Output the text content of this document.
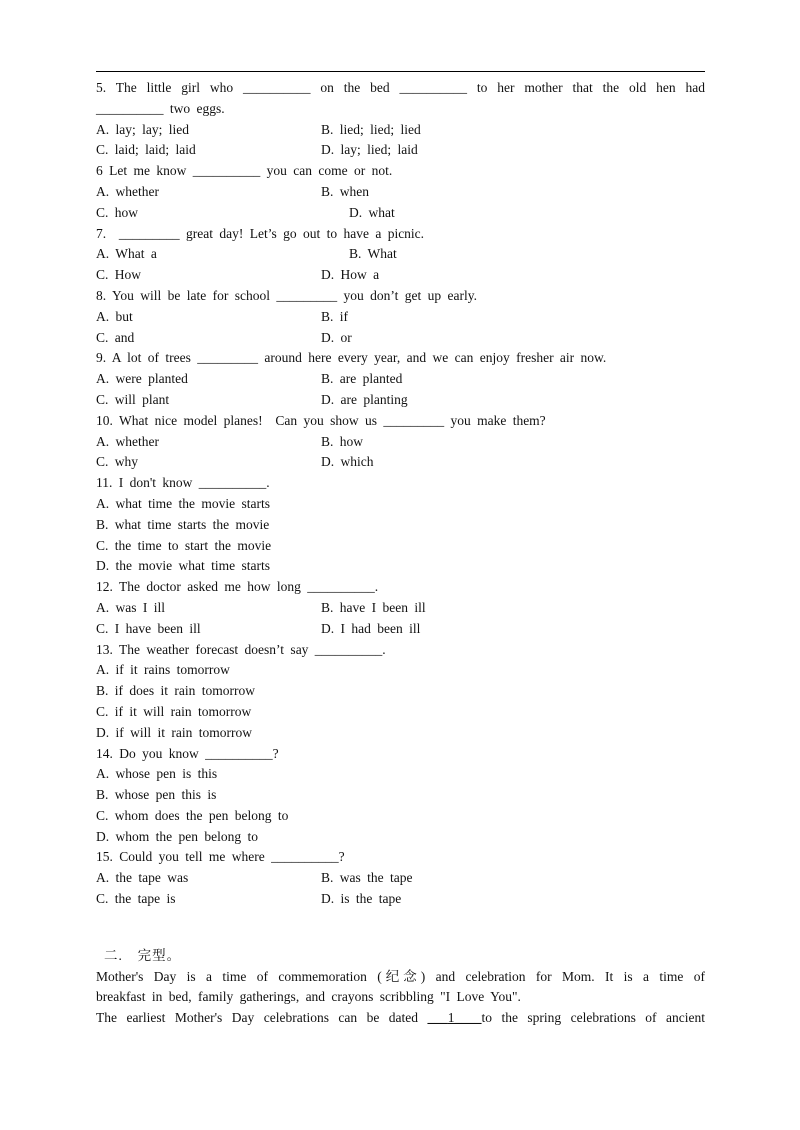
5. The little girl who __________ on the bed __________ to her mother that the old hen had
__________ two eggs.

A. lay; lay; lied

	B. lied; lied; lied

C. laid; laid; laid

	D. lay; lied; laid

6 Let me know __________ you can come or not.

A. whether

	B. when

C. how

	D. what

7.  _________ great day! Let’s go out to have a picnic.

A. What a

	B. What

C. How

	D. How a

8. You will be late for school _________ you don’t get up early.

A. but

	B. if

C. and

	D. or

9. A lot of trees _________ around here every year, and we can enjoy fresher air now.

A. were planted

	B. are planted

C. will plant

	D. are planting

10. What nice model planes!  Can you show us _________ you make them?

A. whether

	B. how

C. why

	D. which

11. I don't know __________.
A. what time the movie starts
B. what time starts the movie
C. the time to start the movie
D. the movie what time starts
12. The doctor asked me how long __________.

A. was I ill

	B. have I been ill

C. I have been ill

	D. I had been ill

13. The weather forecast doesn’t say __________.
A. if it rains tomorrow
B. if does it rain tomorrow
C. if it will rain tomorrow
D. if will it rain tomorrow
14. Do you know __________?
A. whose pen is this
B. whose pen this is
C. whom does the pen belong to
D. whom the pen belong to
15. Could you tell me where __________?

A. the tape was

	B. was the tape

C. the tape is

	D. is the tape

二.  完型。
Mother's Day is a time of commemoration (纪念) and celebration for Mom. It is a time of
breakfast in bed, family gatherings, and crayons scribbling "I Love You".
The earliest Mother's Day celebrations can be dated ___1____to the spring celebrations of ancient
